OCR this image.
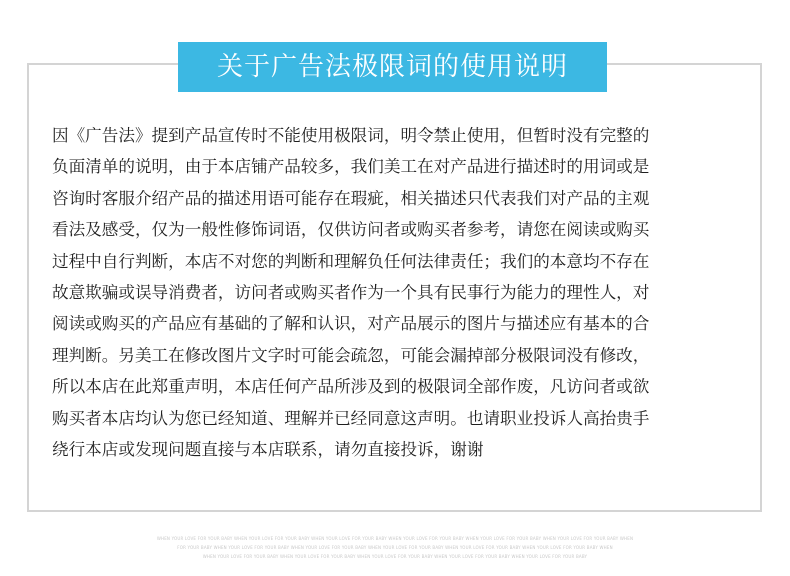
关于广告法极限词的使用说明
因《广告法》提到产品宣传时不能使用极限词，明令禁止使用，但暂时没有完整的
负面清单的说明，由于本店铺产品较多，我们美工在对产品进行描述时的用词或是
咨询时客服介绍产品的描述用语可能存在瑕疵，相关描述只代表我们对产品的主观
看法及感受，仅为一般性修饰词语，仅供访问者或购买者参考，请您在阅读或购买
过程中自行判断，本店不对您的判断和理解负任何法律责任；我们的本意均不存在
故意欺骗或误导消费者，访问者或购买者作为一个具有民事行为能力的理性人，对
阅读或购买的产品应有基础的了解和认识，对产品展示的图片与描述应有基本的合
理判断。另美工在修改图片文字时可能会疏忽，可能会漏掉部分极限词没有修改，
所以本店在此郑重声明，本店任何产品所涉及到的极限词全部作废，凡访问者或欲
购买者本店均认为您已经知道、理解并已经同意这声明。也请职业投诉人高抬贵手
绕行本店或发现问题直接与本店联系，请勿直接投诉，谢谢
WHEN YOUR LOVE FOR YOUR BABY WHEN YOUR LOVE FOR YOUR BABY WHEN YOUR LOVE FOR YOUR BABY WHEN YOUR LOVE FOR YOUR BABY WHEN YOUR LOVE FOR YOUR BABY WHEN YOUR LOVE FOR YOUR BABY WHEN
FOR YOUR BABY WHEN YOUR LOVE FOR YOUR BABY WHEN YOUR LOVE FOR YOUR BABY WHEN YOUR LOVE FOR YOUR BABY WHEN YOUR LOVE FOR YOUR BABY WHEN YOUR LOVE FOR YOUR BABY WHEN
WHEN YOUR LOVE FOR YOUR BABY WHEN YOUR LOVE FOR YOUR BABY WHEN YOUR LOVE FOR YOUR BABY WHEN YOUR LOVE FOR YOUR BABY WHEN YOUR LOVE FOR YOUR BABY
